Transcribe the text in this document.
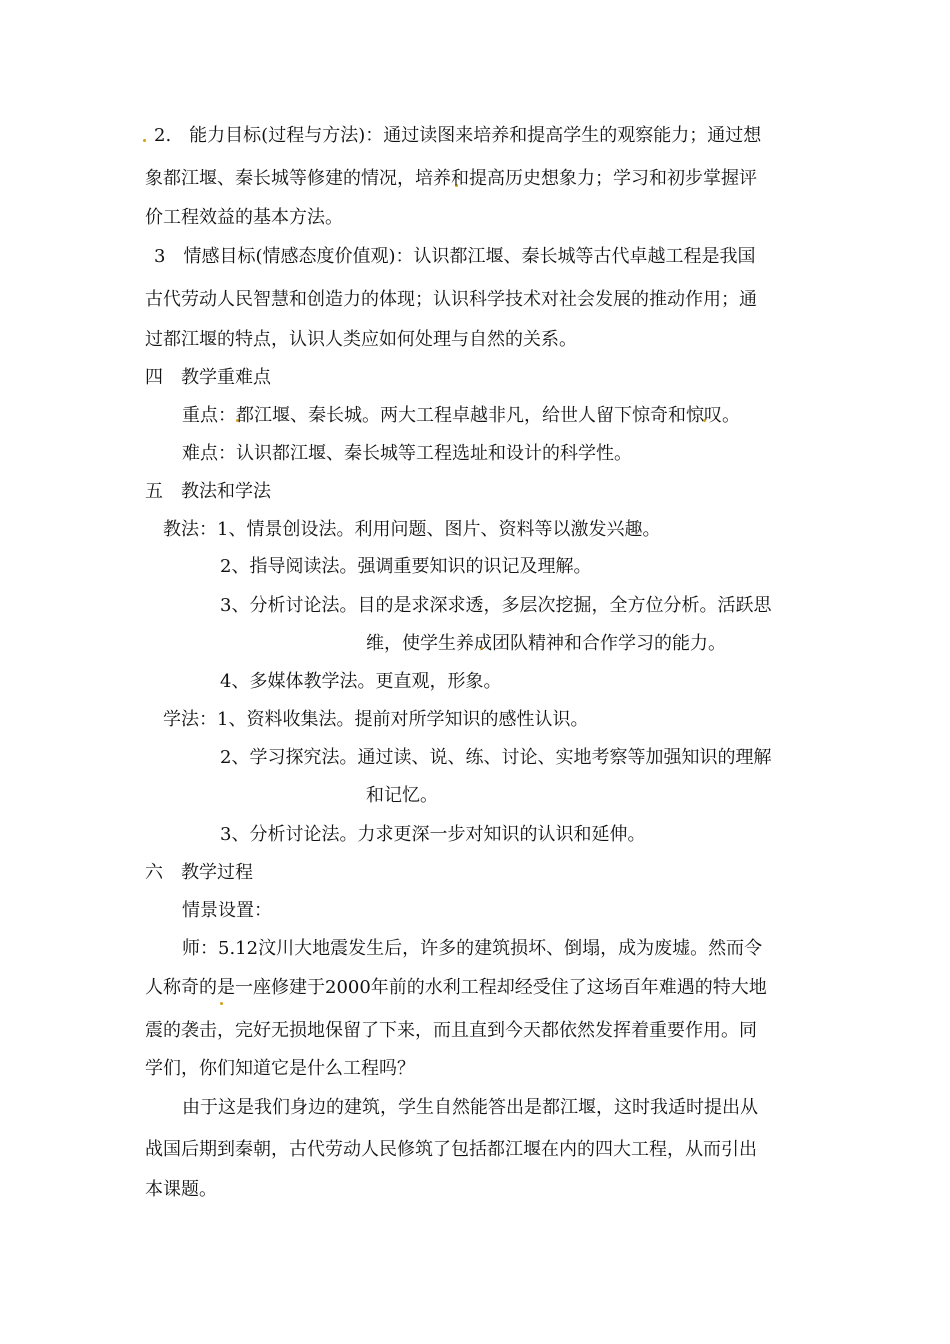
2.　能力目标(过程与方法)：通过读图来培养和提高学生的观察能力；通过想
象都江堰、秦长城等修建的情况，培养和提高历史想象力；学习和初步掌握评
价工程效益的基本方法。
3　情感目标(情感态度价值观)：认识都江堰、秦长城等古代卓越工程是我国
古代劳动人民智慧和创造力的体现；认识科学技术对社会发展的推动作用；通
过都江堰的特点，认识人类应如何处理与自然的关系。
四　教学重难点
重点：都江堰、秦长城。两大工程卓越非凡，给世人留下惊奇和惊叹。
难点：认识都江堰、秦长城等工程选址和设计的科学性。
五　教法和学法
教法：1、情景创设法。利用问题、图片、资料等以激发兴趣。
2、指导阅读法。强调重要知识的识记及理解。
3、分析讨论法。目的是求深求透，多层次挖掘，全方位分析。活跃思
维，使学生养成团队精神和合作学习的能力。
4、多媒体教学法。更直观，形象。
学法：1、资料收集法。提前对所学知识的感性认识。
2、学习探究法。通过读、说、练、讨论、实地考察等加强知识的理解
和记忆。
3、分析讨论法。力求更深一步对知识的认识和延伸。
六　教学过程
情景设置：
师：5.12汶川大地震发生后，许多的建筑损坏、倒塌，成为废墟。然而令
人称奇的是一座修建于2000年前的水利工程却经受住了这场百年难遇的特大地
震的袭击，完好无损地保留了下来，而且直到今天都依然发挥着重要作用。同
学们，你们知道它是什么工程吗？
由于这是我们身边的建筑，学生自然能答出是都江堰，这时我适时提出从
战国后期到秦朝，古代劳动人民修筑了包括都江堰在内的四大工程，从而引出
本课题。
